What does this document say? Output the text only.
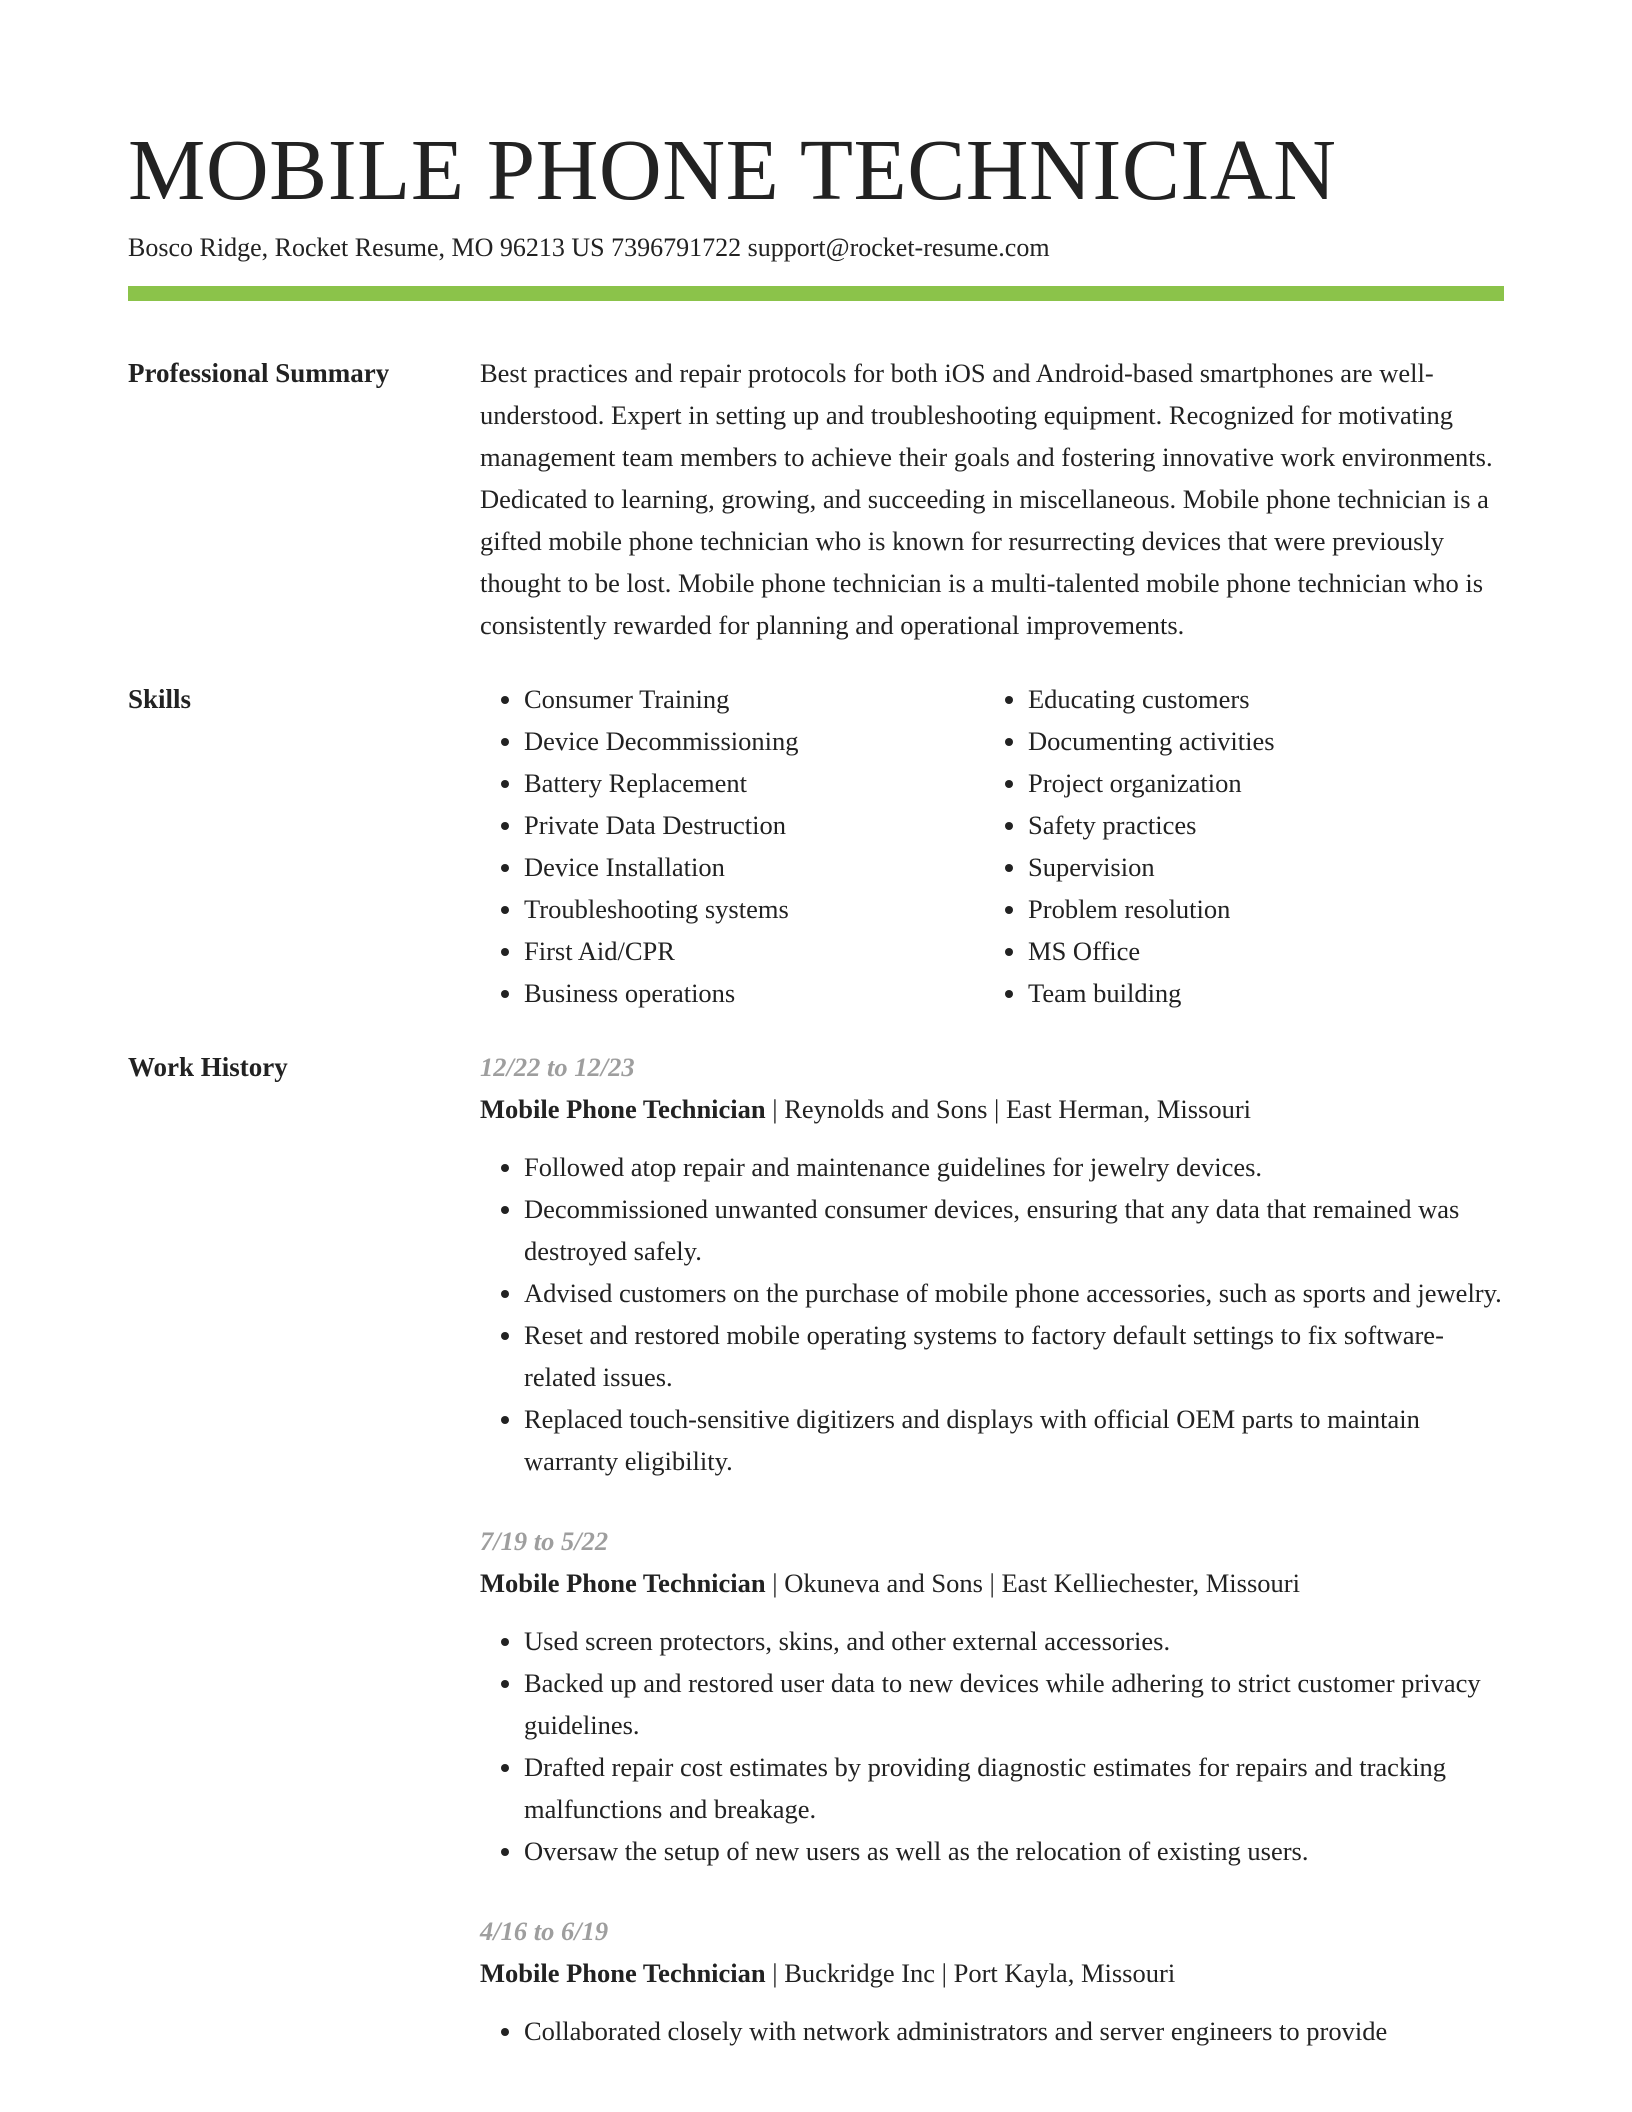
MOBILE PHONE TECHNICIAN
Bosco Ridge, Rocket Resume, MO 96213 US 7396791722 support@rocket-resume.com
Professional Summary	Best practices and repair protocols for both iOS and Android-based smartphones are well-understood. Expert in setting up and troubleshooting equipment. Recognized for motivating management team members to achieve their goals and fostering innovative work environments. Dedicated to learning, growing, and succeeding in miscellaneous. Mobile phone technician is a gifted mobile phone technician who is known for resurrecting devices that were previously thought to be lost. Mobile phone technician is a multi-talented mobile phone technician who is consistently rewarded for planning and operational improvements.

Skills
•	Consumer Training
• Device Decommissioning
• Battery Replacement
• Private Data Destruction
• Device Installation
• Troubleshooting systems
• First Aid/CPR
• Business operations
• Educating customers
• Documenting activities
• Project organization
• Safety practices
• Supervision
• Problem resolution
• MS Office
• Team building
Work History	12/22 to 12/23
Mobile Phone Technician | Reynolds and Sons | East Herman, Missouri
• Followed atop repair and maintenance guidelines for jewelry devices.
• Decommissioned unwanted consumer devices, ensuring that any data that remained was destroyed safely.
• Advised customers on the purchase of mobile phone accessories, such as sports and jewelry.
• Reset and restored mobile operating systems to factory default settings to fix software-related issues.
• Replaced touch-sensitive digitizers and displays with official OEM parts to maintain warranty eligibility.
7/19 to 5/22
Mobile Phone Technician | Okuneva and Sons | East Kelliechester, Missouri
• Used screen protectors, skins, and other external accessories.
• Backed up and restored user data to new devices while adhering to strict customer privacy guidelines.
• Drafted repair cost estimates by providing diagnostic estimates for repairs and tracking malfunctions and breakage.
• Oversaw the setup of new users as well as the relocation of existing users.
4/16 to 6/19
Mobile Phone Technician | Buckridge Inc | Port Kayla, Missouri
• Collaborated closely with network administrators and server engineers to provide
